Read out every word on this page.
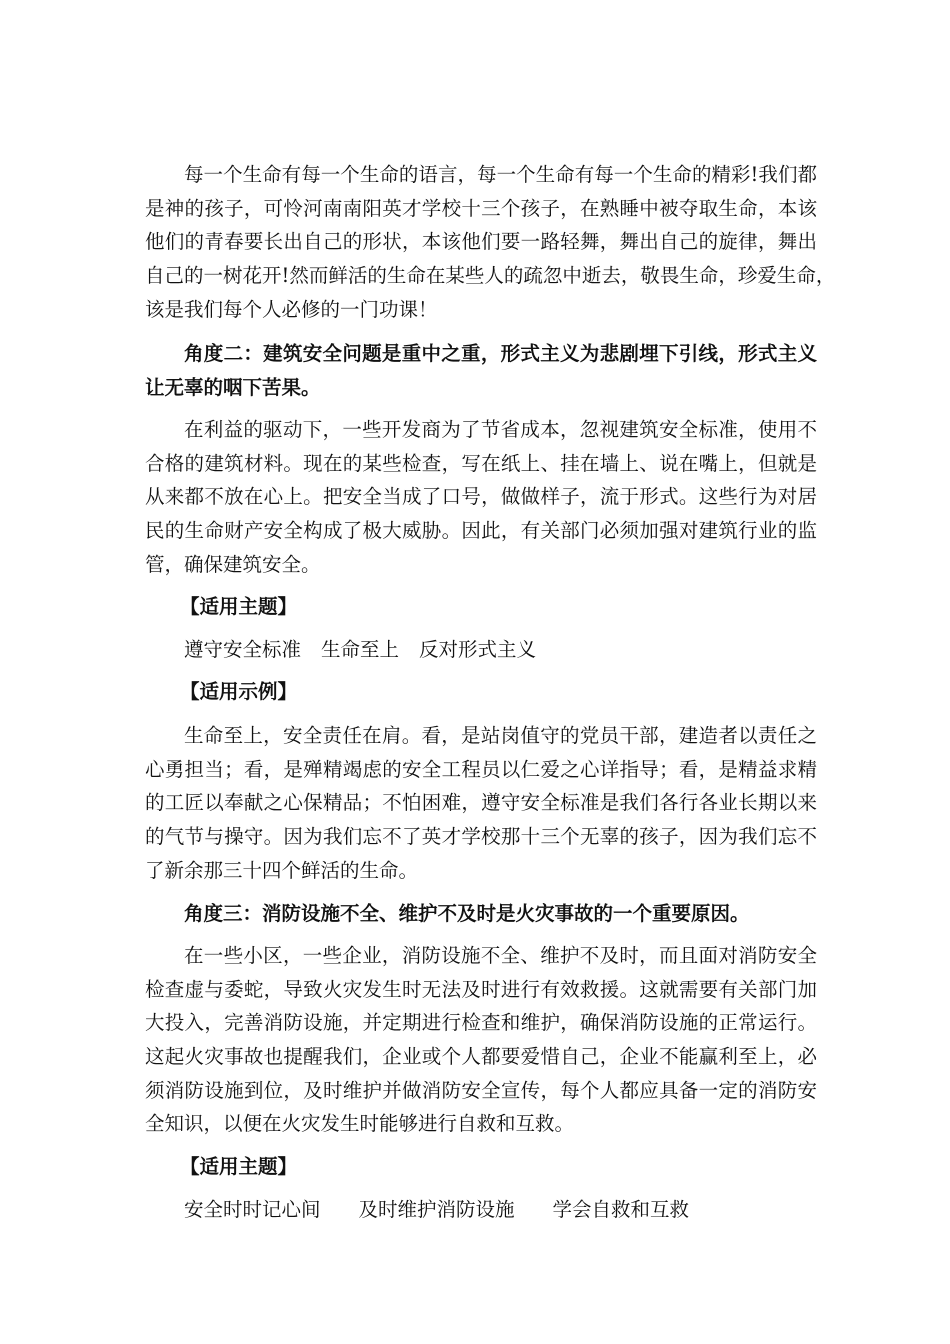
每一个生命有每一个生命的语言，每一个生命有每一个生命的精彩!我们都
是神的孩子，可怜河南南阳英才学校十三个孩子，在熟睡中被夺取生命，本该
他们的青春要长出自己的形状，本该他们要一路轻舞，舞出自己的旋律，舞出
自己的一树花开!然而鲜活的生命在某些人的疏忽中逝去，敬畏生命，珍爱生命，
该是我们每个人必修的一门功课！
角度二：建筑安全问题是重中之重，形式主义为悲剧埋下引线，形式主义
让无辜的咽下苦果。
在利益的驱动下，一些开发商为了节省成本，忽视建筑安全标准，使用不
合格的建筑材料。现在的某些检查，写在纸上、挂在墙上、说在嘴上，但就是
从来都不放在心上。把安全当成了口号，做做样子，流于形式。这些行为对居
民的生命财产安全构成了极大威胁。因此，有关部门必须加强对建筑行业的监
管，确保建筑安全。
【适用主题】
遵守安全标准 生命至上 反对形式主义
【适用示例】
生命至上，安全责任在肩。看，是站岗值守的党员干部，建造者以责任之
心勇担当；看，是殚精竭虑的安全工程员以仁爱之心详指导；看，是精益求精
的工匠以奉献之心保精品；不怕困难，遵守安全标准是我们各行各业长期以来
的气节与操守。因为我们忘不了英才学校那十三个无辜的孩子，因为我们忘不
了新余那三十四个鲜活的生命。
角度三：消防设施不全、维护不及时是火灾事故的一个重要原因。
在一些小区，一些企业，消防设施不全、维护不及时，而且面对消防安全
检查虚与委蛇，导致火灾发生时无法及时进行有效救援。这就需要有关部门加
大投入，完善消防设施，并定期进行检查和维护，确保消防设施的正常运行。
这起火灾事故也提醒我们，企业或个人都要爱惜自己，企业不能赢利至上，必
须消防设施到位，及时维护并做消防安全宣传，每个人都应具备一定的消防安
全知识，以便在火灾发生时能够进行自救和互救。
【适用主题】
安全时时记心间 及时维护消防设施 学会自救和互救
